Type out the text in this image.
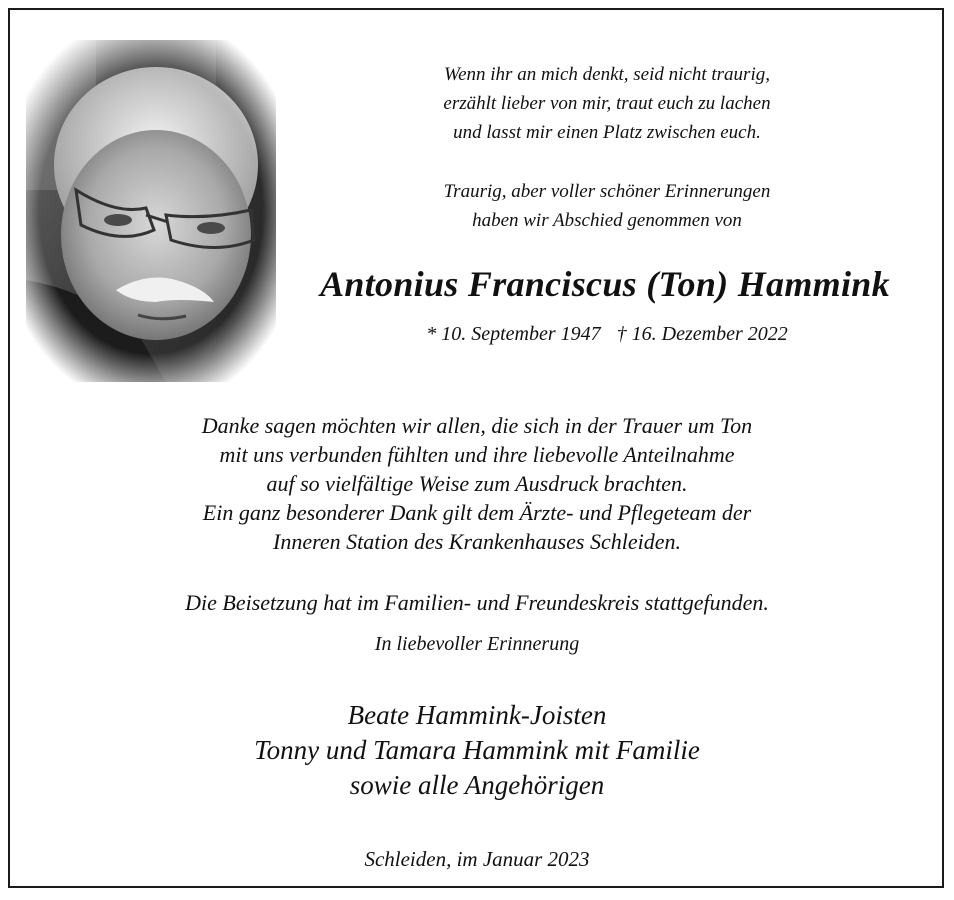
Wenn ihr an mich denkt, seid nicht traurig,
erzählt lieber von mir, traut euch zu lachen
und lasst mir einen Platz zwischen euch.
Traurig, aber voller schöner Erinnerungen
haben wir Abschied genommen von
Antonius Franciscus (Ton) Hammink
* 10. September 1947 † 16. Dezember 2022
Danke sagen möchten wir allen, die sich in der Trauer um Ton
mit uns verbunden fühlten und ihre liebevolle Anteilnahme
auf so vielfältige Weise zum Ausdruck brachten.
Ein ganz besonderer Dank gilt dem Ärzte- und Pflegeteam der
Inneren Station des Krankenhauses Schleiden.
Die Beisetzung hat im Familien- und Freundeskreis stattgefunden.
In liebevoller Erinnerung
Beate Hammink-Joisten
Tonny und Tamara Hammink mit Familie
sowie alle Angehörigen
Schleiden, im Januar 2023
